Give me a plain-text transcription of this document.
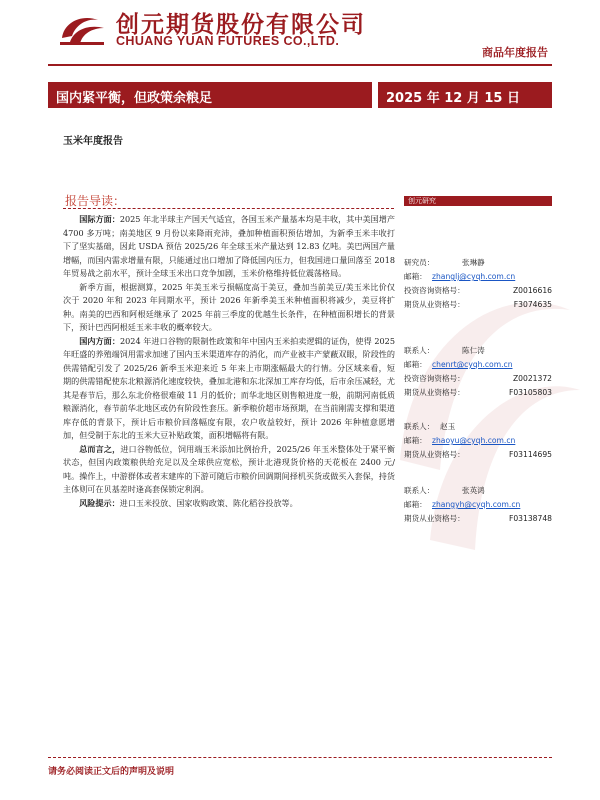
创元期货股份有限公司
CHUANG YUAN FUTURES CO.,LTD.
商品年度报告
国内紧平衡，但政策余粮足	2025 年 12 月 15 日
玉米年度报告
报告导读：	创元研究

国际方面：2025 年北半球主产国天气适宜，各国玉米产量基本均是丰收，其中美国增产 4700 多万吨；南美地区 9 月份以来降雨充沛，叠加种植面积预估增加，为新季玉米丰收打下了坚实基础，因此 USDA 预估 2025/26 年全球玉米产量达到 12.83 亿吨。美巴两国产量增幅，而国内需求增量有限，只能通过出口增加了降低国内压力，但我国进口量回落至 2018 年贸易战之前水平，预计全球玉米出口竞争加剧，玉米价格维持低位震荡格局。

新季方面，根据测算，2025 年美玉米亏损幅度高于美豆，叠加当前美豆/美玉米比价仅次于 2020 年和 2023 年同期水平，预计 2026 年新季美玉米种植面积将减少，美豆将扩种。南美的巴西和阿根廷继承了 2025 年前三季度的优越生长条件，在种植面积增长的背景下，预计巴西阿根廷玉米丰收的概率较大。

国内方面：2024 年进口谷物的限制性政策和年中国内玉米拍卖逻辑的证伪，使得 2025 年旺盛的养殖端饲用需求加速了国内玉米渠道库存的消化，而产业被丰产蒙蔽双眼，阶段性的供需错配引发了 2025/26 新季玉米迎来近 5 年来上市期涨幅最大的行情。分区域来看，短期的供需错配使东北粮源消化速度较快，叠加北港和东北深加工库存均低，后市余压减轻，尤其是春节后，那么东北价格很难破 11 月的低价；而华北地区则售粮进度一般，前期河南低质粮源消化，春节前华北地区或仍有阶段性套压。新季粮价超市场预期，在当前刚需支撑和渠道库存低的背景下，预计后市粮价回落幅度有限，农户收益较好，预计 2026 年种植意愿增加，但受制于东北的玉米大豆补贴政策，面积增幅将有限。

总而言之，进口谷物低位，饲用端玉米添加比例抬升，2025/26 年玉米整体处于紧平衡状态，但国内政策粮供给充足以及全球供应宽松，预计北港现货价格的天花板在 2400 元/吨。操作上，中游群体或者末建库的下游可随后市粮价回调期间择机买货或做买入套保，持货主体则可在贝基差时逢高套保锁定利润。

风险提示：进口玉米投放、国家收购政策、陈化稻谷投放等。

研究员：	张琳静
邮箱： zhanglj@cyqh.com.cn
投资咨询资格号：	Z0016616
期货从业资格号：	F3074635
联系人：	陈仁涛
邮箱： chenrt@cyqh.com.cn
投资咨询资格号：	Z0021372
期货从业资格号：	F03105803
联系人： 赵玉
邮箱： zhaoyu@cyqh.com.cn
期货从业资格号：	F03114695
联系人：	张英鸿
邮箱： zhangyh@cyqh.com.cn
期货从业资格号：	F03138748
请务必阅读正文后的声明及说明
